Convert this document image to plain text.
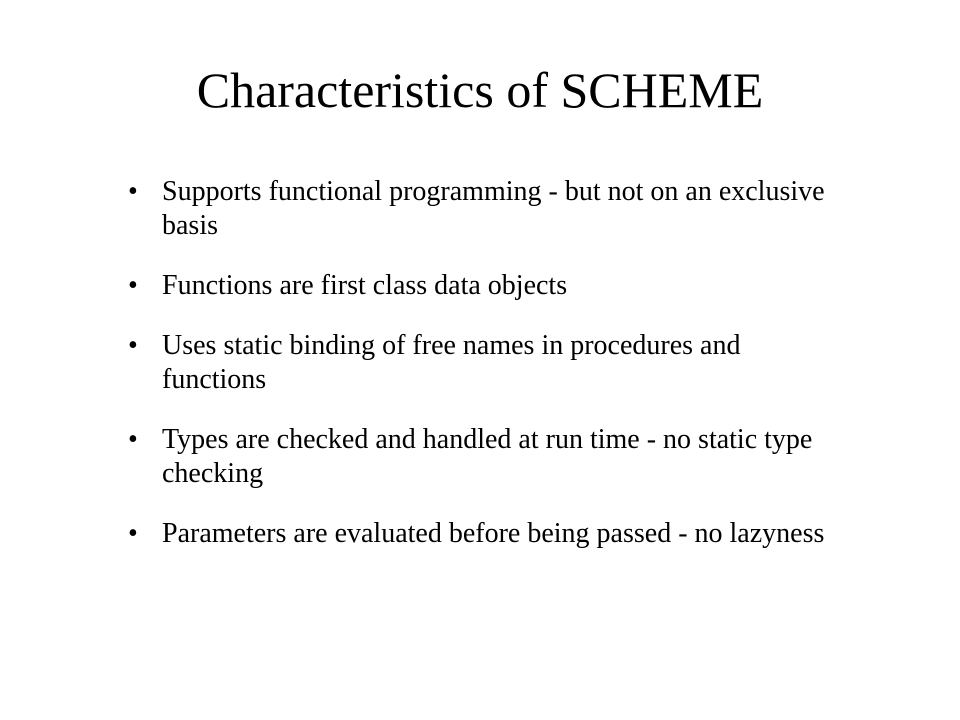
Characteristics of SCHEME
• Supports functional programming - but not on an exclusive basis
• Functions are first class data objects
• Uses static binding of free names in procedures and functions
• Types are checked and handled at run time - no static type checking
• Parameters are evaluated before being passed - no lazyness
